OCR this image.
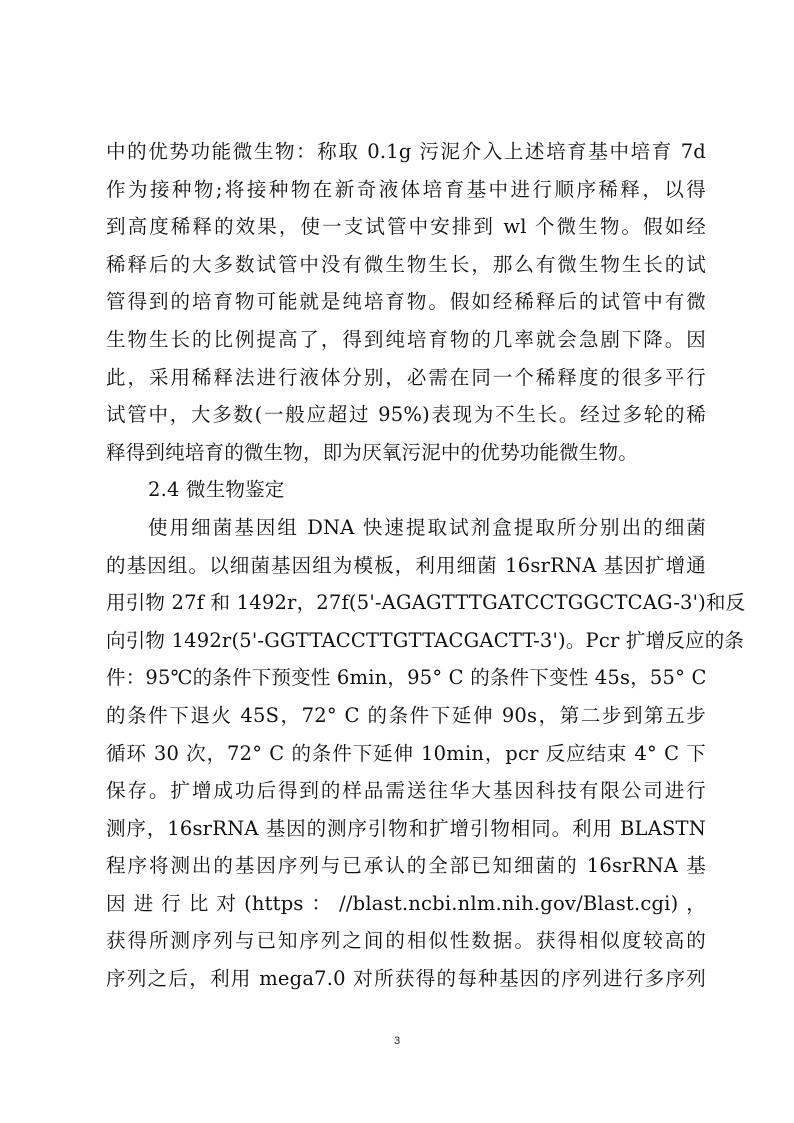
中的优势功能微生物：称取 0.1g 污泥介入上述培育基中培育 7d
作为接种物;将接种物在新奇液体培育基中进行顺序稀释，以得
到高度稀释的效果，使一支试管中安排到 wl 个微生物。假如经
稀释后的大多数试管中没有微生物生长，那么有微生物生长的试
管得到的培育物可能就是纯培育物。假如经稀释后的试管中有微
生物生长的比例提高了，得到纯培育物的几率就会急剧下降。因
此，采用稀释法进行液体分别，必需在同一个稀释度的很多平行
试管中，大多数(一般应超过 95%)表现为不生长。经过多轮的稀
释得到纯培育的微生物，即为厌氧污泥中的优势功能微生物。
2.4 微生物鉴定
使用细菌基因组 DNA 快速提取试剂盒提取所分别出的细菌
的基因组。以细菌基因组为模板，利用细菌 16srRNA 基因扩增通
用引物 27f 和 1492r，27f(5'-AGAGTTTGATCCTGGCTCAG-3')和反
向引物 1492r(5'-GGTTACCTTGTTACGACTT-3')。Pcr 扩增反应的条
件：95℃的条件下预变性 6min，95° C 的条件下变性 45s，55° C
的条件下退火 45S，72° C 的条件下延伸 90s，第二步到第五步
循环 30 次，72° C 的条件下延伸 10min，pcr 反应结束 4° C 下
保存。扩增成功后得到的样品需送往华大基因科技有限公司进行
测序，16srRNA 基因的测序引物和扩增引物相同。利用 BLASTN
程序将测出的基因序列与已承认的全部已知细菌的 16srRNA 基
因进行比对(https：//blast.ncbi.nlm.nih.gov/Blast.cgi)，
获得所测序列与已知序列之间的相似性数据。获得相似度较高的
序列之后，利用 mega7.0 对所获得的每种基因的序列进行多序列
3
